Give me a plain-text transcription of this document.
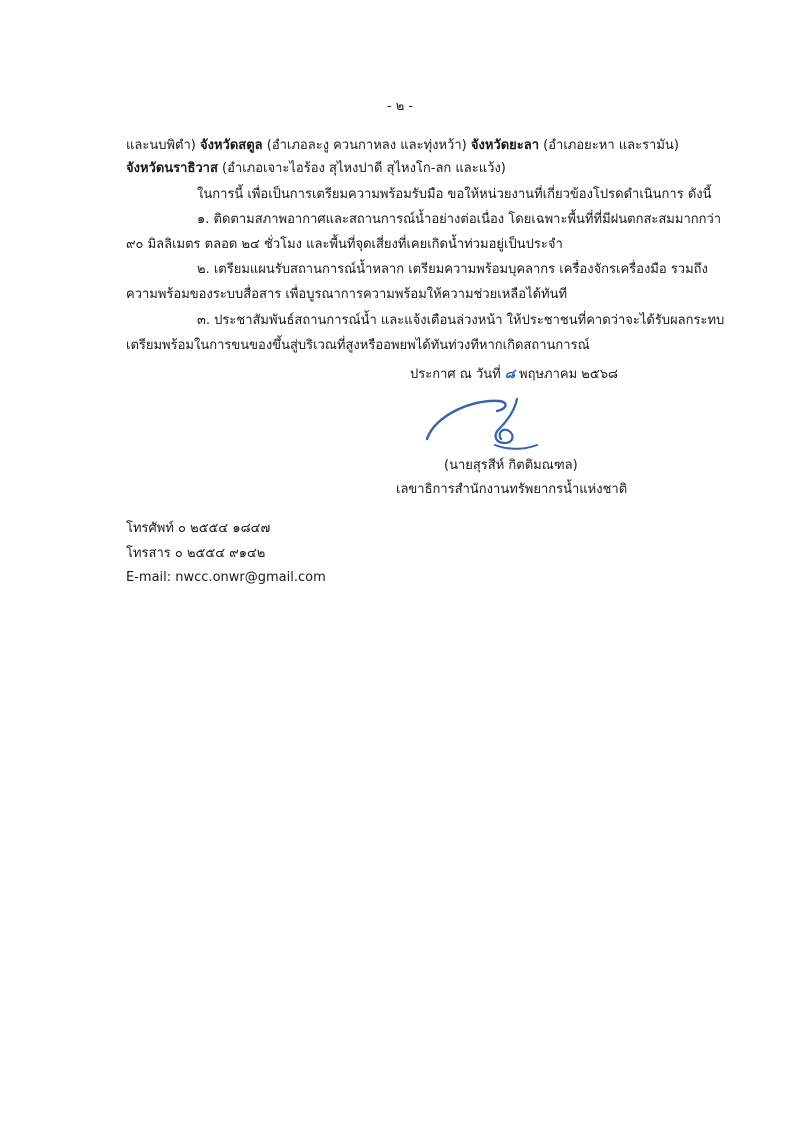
- ๒ -
และนบพิตำ) จังหวัดสตูล (อำเภอละงู ควนกาหลง และทุ่งหว้า) จังหวัดยะลา (อำเภอยะหา และรามัน)
จังหวัดนราธิวาส (อำเภอเจาะไอร้อง สุไหงปาดี สุไหงโก-ลก และแว้ง)
ในการนี้ เพื่อเป็นการเตรียมความพร้อมรับมือ ขอให้หน่วยงานที่เกี่ยวข้องโปรดดำเนินการ ดังนี้
๑. ติดตามสภาพอากาศและสถานการณ์น้ำอย่างต่อเนื่อง โดยเฉพาะพื้นที่ที่มีฝนตกสะสมมากกว่า
๙๐ มิลลิเมตร ตลอด ๒๔ ชั่วโมง และพื้นที่จุดเสี่ยงที่เคยเกิดน้ำท่วมอยู่เป็นประจำ
๒. เตรียมแผนรับสถานการณ์น้ำหลาก เตรียมความพร้อมบุคลากร เครื่องจักรเครื่องมือ รวมถึง
ความพร้อมของระบบสื่อสาร เพื่อบูรณาการความพร้อมให้ความช่วยเหลือได้ทันที
๓. ประชาสัมพันธ์สถานการณ์น้ำ และแจ้งเตือนล่วงหน้า ให้ประชาชนที่คาดว่าจะได้รับผลกระทบ
เตรียมพร้อมในการขนของขึ้นสู่บริเวณที่สูงหรืออพยพได้ทันท่วงทีหากเกิดสถานการณ์
ประกาศ ณ วันที่ ๘ พฤษภาคม ๒๕๖๘
(นายสุรสีห์ กิตติมณฑล)
เลขาธิการสำนักงานทรัพยากรน้ำแห่งชาติ
โทรศัพท์ ๐ ๒๕๕๔ ๑๘๔๗
โทรสาร ๐ ๒๕๕๔ ๙๑๔๒
E-mail: nwcc.onwr@gmail.com
